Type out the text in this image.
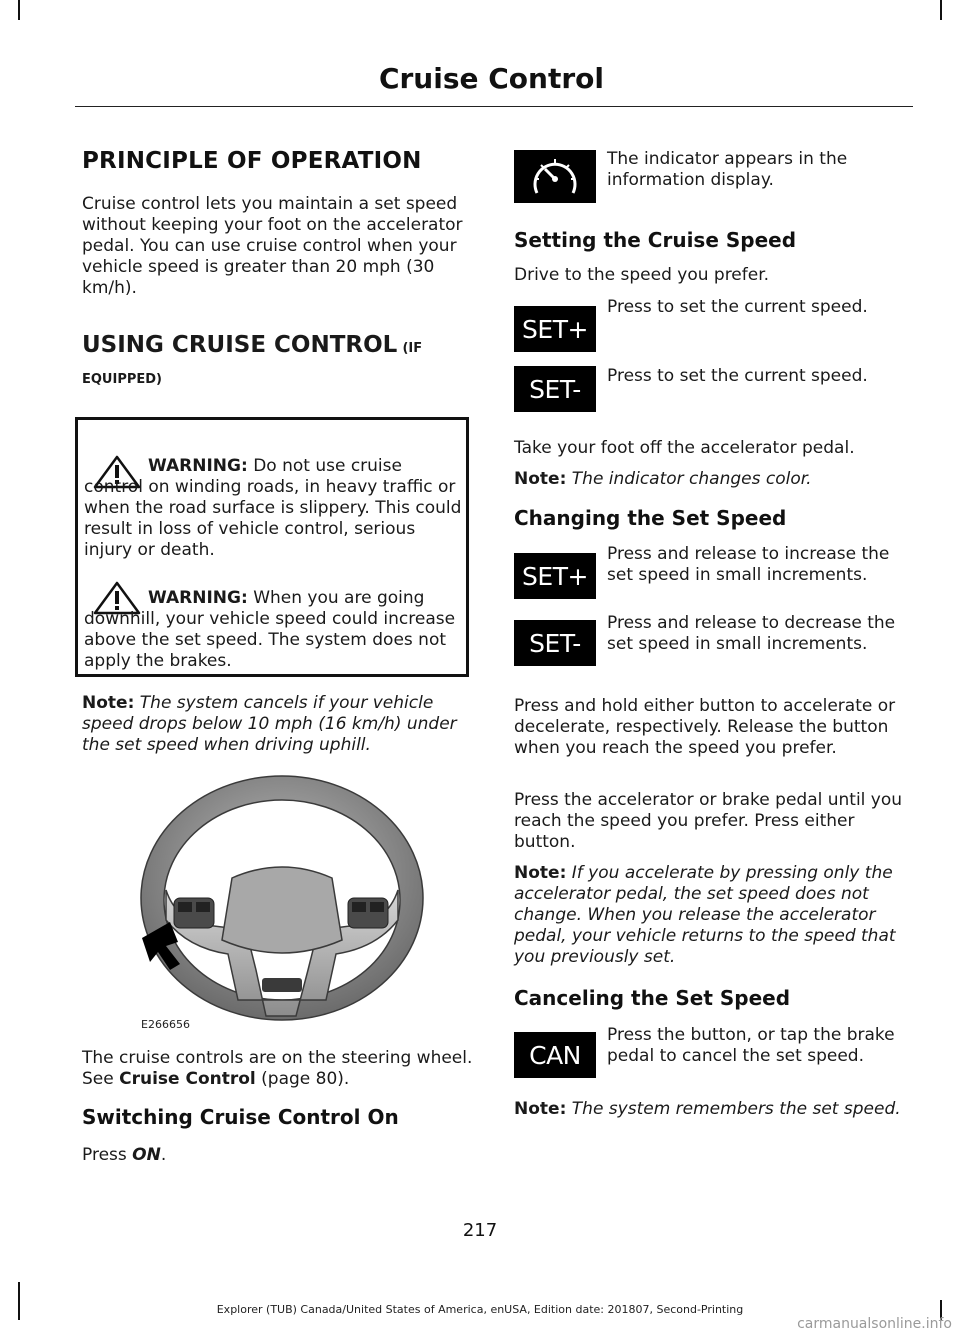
Cruise Control
PRINCIPLE OF OPERATION

Cruise control lets you maintain a set speed without keeping your foot on the accelerator pedal. You can use cruise control when your vehicle speed is greater than 20 mph (30 km/h).

USING CRUISE CONTROL (IF
EQUIPPED)

WARNING: Do not use cruise control on winding roads, in heavy traffic or when the road surface is slippery. This could result in loss of vehicle control, serious injury or death.

WARNING: When you are going downhill, your vehicle speed could increase above the set speed. The system does not apply the brakes.

Note: The system cancels if your vehicle speed drops below 10 mph (16 km/h) under the set speed when driving uphill.

E266656

The cruise controls are on the steering wheel. See Cruise Control (page 80).

Switching Cruise Control On

Press ON.

The indicator appears in the information display.
Setting the Cruise Speed

Drive to the speed you prefer.

SET+
Press to set the current speed.
SET-	Press to set the current speed.

Take your foot off the accelerator pedal.

Note: The indicator changes color.

Changing the Set Speed
SET+
Press and release to increase the set speed in small increments.
SET-
Press and release to decrease the set speed in small increments.

Press and hold either button to accelerate or decelerate, respectively. Release the button when you reach the speed you prefer.

Press the accelerator or brake pedal until you reach the speed you prefer. Press either button.

Note: If you accelerate by pressing only the accelerator pedal, the set speed does not change. When you release the accelerator pedal, your vehicle returns to the speed that you previously set.

Canceling the Set Speed
CAN
Press the button, or tap the brake pedal to cancel the set speed.

Note: The system remembers the set speed.

217
Explorer (TUB) Canada/United States of America, enUSA, Edition date: 201807, Second-Printing
carmanualsonline.info
